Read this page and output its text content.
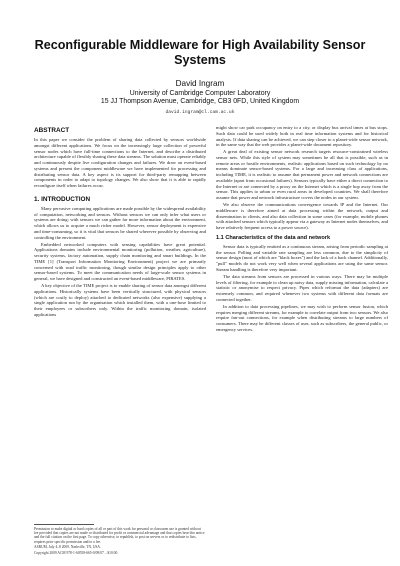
Reconfigurable Middleware for High Availability Sensor Systems
David Ingram
University of Cambridge Computer Laboratory
15 JJ Thompson Avenue, Cambridge, CB3 0FD, United Kingdom
david.ingram@cl.cam.ac.uk
ABSTRACT

In this paper we consider the problem of sharing data collected by sensors worldwide amongst different applications. We focus on the increasingly large collection of powerful sensor nodes which have full-time connections to the Internet, and describe a distributed architecture capable of flexibly sharing these data streams. The solution must operate reliably and continuously despite live configuration changes and failures. We draw on event-based systems and present the component middleware we have implemented for processing and distributing sensor data. A key aspect is its support for third-party remapping between components in order to adapt to topology changes. We also show that it is able to rapidly reconfigure itself when failures occur.

1. INTRODUCTION

Many pervasive computing applications are made possible by the widespread availability of computation, networking and sensors. Without sensors we can only infer what users or systems are doing; with sensors we can gather far more information about the environment, which allows us to acquire a much richer model. However, sensor deployment is expensive and time-consuming, so it is vital that sensors be shared wherever possible by observing and controlling the environment.

Embedded networked computers with sensing capabilities have great potential. Applications domains include environmental monitoring (pollution, weather, agriculture), security systems, factory automation, supply chain monitoring and smart buildings. In the TIME [1] (Transport Information Monitoring Environment) project we are primarily concerned with road traffic monitoring, though similar design principles apply to other sensor-based systems. To meet the communication needs of large-scale sensor systems in general, we have designed and constructed an event-based middleware, PIRATES.

A key objective of the TIME project is to enable sharing of sensor data amongst different applications. Historically systems have been vertically structured, with physical sensors (which are costly to deploy) attached to dedicated networks (also expensive) supplying a single application run by the organisation which installed them, with a one-hose limited to their employees or subscribers only. Within the traffic monitoring domain, isolated applications

might show car park occupancy on entry to a city, or display bus arrival times at bus stops. Such data could be used widely both in real time information systems and for historical analysis. If data sharing can be achieved, we can step closer to a planet-wide sensor network, in the same way that the web provides a planet-wide document repository.

A great deal of existing sensor network research targets resource-constrained wireless sensor nets. While this style of system may sometimes be all that is possible, such as in remote areas or hostile environments, realistic applications based on such technology by no means dominate sensor-based systems. For a large and increasing class of applications, including TIME, it is realistic to assume that permanent power and network connections are available (apart from occasional failures). Sensors typically have either a direct connection to the Internet or are connected by a proxy on the Internet which is a single hop away from the sensor. This applies to urban or even rural areas in developed countries. We shall therefore assume that power and network infrastructure covers the nodes in our system.

We also observe the communications convergence towards IP and the Internet. Our middleware is therefore aimed at data processing within the network, output and dissemination to clients, and also data collection in some cases (for example, mobile phones with attached sensors which typically appear via a gateway as Internet nodes themselves, and have relatively frequent access to a power source).

1.1 Characteristics of the data and network

Sensor data is typically emitted as a continuous stream, arising from periodic sampling at the sensor. Polling and variable rate sampling are less common, due to the simplicity of sensor design (most of which are "black boxes") and the lack of a back channel. Additionally, "pull" models do not work very well when several applications are using the same sensor. Stream handling is therefore very important.

The data streams from sensors are processed in various ways. There may be multiple levels of filtering, for example to clean up noisy data, supply missing information, calculate a statistic or anonymise to respect privacy. Pipes which reformat the data (adapters) are extremely common, and required whenever two systems with different data formats are connected together.

In addition to data processing pipelines, we may wish to perform sensor fusion, which requires merging different streams, for example to correlate output from two sensors. We also require fan-out connections, for example when distributing streams to large numbers of consumers. There may be different classes of user, such as subscribers, the general public, or emergency services.

Permission to make digital or hard copies of all or part of this work for personal or classroom use is granted without fee provided that copies are not made or distributed for profit or commercial advantage and that copies bear this notice and the full citation on the first page. To copy otherwise, to republish, to post on servers or to redistribute to lists, requires prior specific permission and/or a fee.

ASRUM, July 4–8 2009, Nashville, TN, USA.

Copyright 2009 ACM 978-1-60558-665-0/09/07 ...$10.00.
